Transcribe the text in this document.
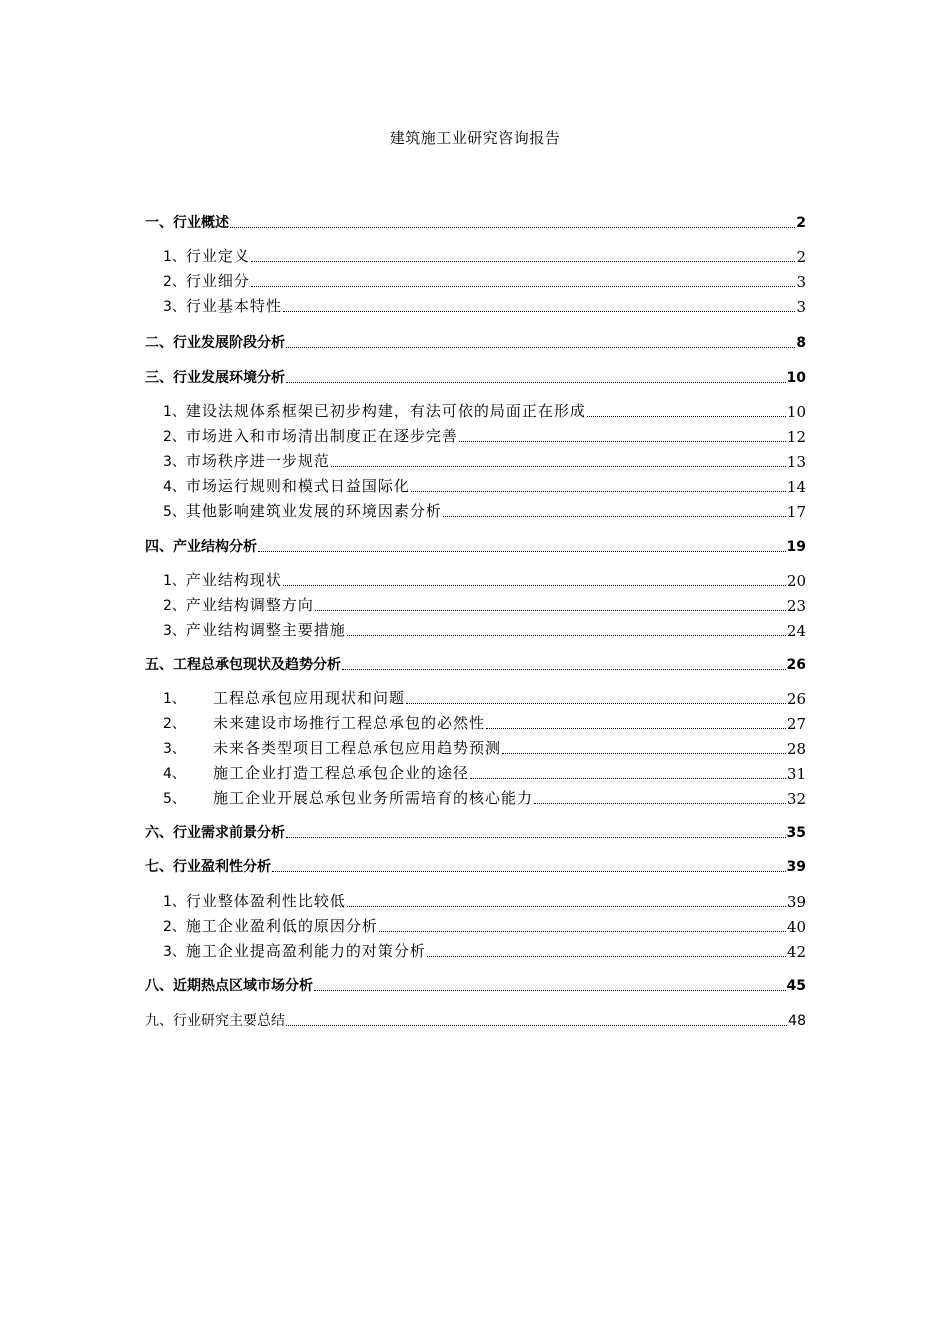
建筑施工业研究咨询报告
一、行业概述	2
1、行业定义	2
2、行业细分	3
3、行业基本特性	3
二、行业发展阶段分析	8
三、行业发展环境分析	10
1、建设法规体系框架已初步构建，有法可依的局面正在形成	10
2、市场进入和市场清出制度正在逐步完善	12
3、市场秩序进一步规范	13
4、市场运行规则和模式日益国际化	14
5、其他影响建筑业发展的环境因素分析	17
四、产业结构分析	19
1、产业结构现状	20
2、产业结构调整方向	23
3、产业结构调整主要措施	24
五、工程总承包现状及趋势分析	26
1、 工程总承包应用现状和问题	26
2、 未来建设市场推行工程总承包的必然性	27
3、 未来各类型项目工程总承包应用趋势预测	28
4、 施工企业打造工程总承包企业的途径	31
5、 施工企业开展总承包业务所需培育的核心能力	32
六、行业需求前景分析	35
七、行业盈利性分析	39
1、行业整体盈利性比较低	39
2、施工企业盈利低的原因分析	40
3、施工企业提高盈利能力的对策分析	42
八、近期热点区域市场分析	45
九、行业研究主要总结	48
